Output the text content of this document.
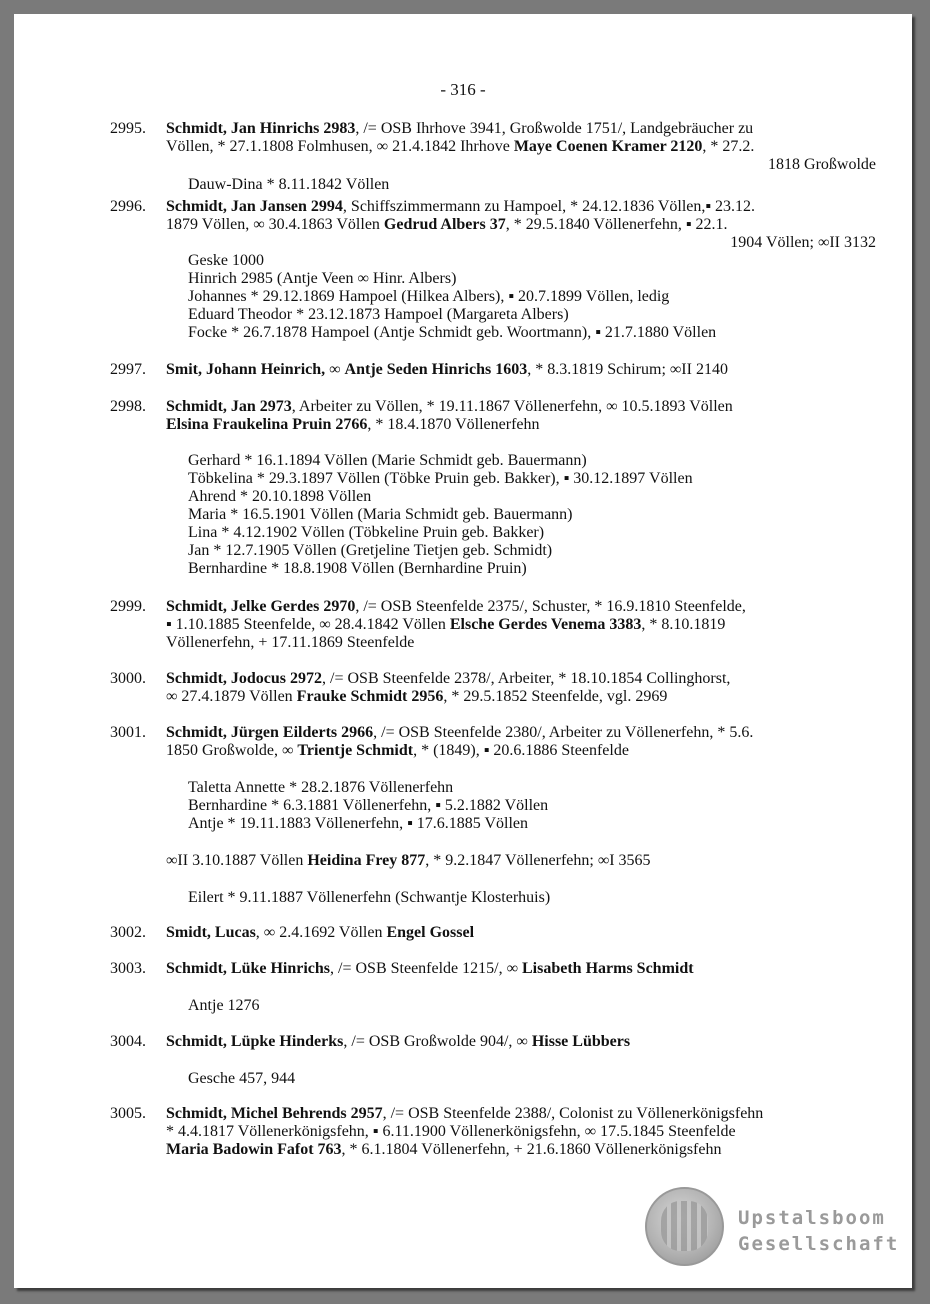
- 316 -
2995.	Schmidt, Jan Hinrichs 2983, /= OSB Ihrhove 3941, Großwolde 1751/, Landgebräucher zu
Völlen, * 27.1.1808 Folmhusen, ∞ 21.4.1842 Ihrhove Maye Coenen Kramer 2120, * 27.2.
1818 Großwolde
Dauw-Dina * 8.11.1842 Völlen
2996.	Schmidt, Jan Jansen 2994, Schiffszimmermann zu Hampoel, * 24.12.1836 Völlen,▪ 23.12.
1879 Völlen, ∞ 30.4.1863 Völlen Gedrud Albers 37, * 29.5.1840 Völlenerfehn, ▪ 22.1.
1904 Völlen; ∞II 3132
Geske 1000
Hinrich 2985 (Antje Veen ∞ Hinr. Albers)
Johannes * 29.12.1869 Hampoel (Hilkea Albers), ▪ 20.7.1899 Völlen, ledig
Eduard Theodor * 23.12.1873 Hampoel (Margareta Albers)
Focke * 26.7.1878 Hampoel (Antje Schmidt geb. Woortmann), ▪ 21.7.1880 Völlen
2997.	Smit, Johann Heinrich, ∞ Antje Seden Hinrichs 1603, * 8.3.1819 Schirum; ∞II 2140
2998.	Schmidt, Jan 2973, Arbeiter zu Völlen, * 19.11.1867 Völlenerfehn, ∞ 10.5.1893 Völlen
Elsina Fraukelina Pruin 2766, * 18.4.1870 Völlenerfehn
Gerhard * 16.1.1894 Völlen (Marie Schmidt geb. Bauermann)
Töbkelina * 29.3.1897 Völlen (Töbke Pruin geb. Bakker), ▪ 30.12.1897 Völlen
Ahrend * 20.10.1898 Völlen
Maria * 16.5.1901 Völlen (Maria Schmidt geb. Bauermann)
Lina * 4.12.1902 Völlen (Töbkeline Pruin geb. Bakker)
Jan * 12.7.1905 Völlen (Gretjeline Tietjen geb. Schmidt)
Bernhardine * 18.8.1908 Völlen (Bernhardine Pruin)
2999.	Schmidt, Jelke Gerdes 2970, /= OSB Steenfelde 2375/, Schuster, * 16.9.1810 Steenfelde,
▪ 1.10.1885 Steenfelde, ∞ 28.4.1842 Völlen Elsche Gerdes Venema 3383, * 8.10.1819
Völlenerfehn, + 17.11.1869 Steenfelde
3000.	Schmidt, Jodocus 2972, /= OSB Steenfelde 2378/, Arbeiter, * 18.10.1854 Collinghorst,
∞ 27.4.1879 Völlen Frauke Schmidt 2956, * 29.5.1852 Steenfelde, vgl. 2969
3001.	Schmidt, Jürgen Eilderts 2966, /= OSB Steenfelde 2380/, Arbeiter zu Völlenerfehn, * 5.6.
1850 Großwolde, ∞ Trientje Schmidt, * (1849), ▪ 20.6.1886 Steenfelde
Taletta Annette * 28.2.1876 Völlenerfehn
Bernhardine * 6.3.1881 Völlenerfehn, ▪ 5.2.1882 Völlen
Antje * 19.11.1883 Völlenerfehn, ▪ 17.6.1885 Völlen
∞II 3.10.1887 Völlen Heidina Frey 877, * 9.2.1847 Völlenerfehn; ∞I 3565
Eilert * 9.11.1887 Völlenerfehn (Schwantje Klosterhuis)
3002.	Smidt, Lucas, ∞ 2.4.1692 Völlen Engel Gossel
3003.	Schmidt, Lüke Hinrichs, /= OSB Steenfelde 1215/, ∞ Lisabeth Harms Schmidt
Antje 1276
3004.	Schmidt, Lüpke Hinderks, /= OSB Großwolde 904/, ∞ Hisse Lübbers
Gesche 457, 944
3005.	Schmidt, Michel Behrends 2957, /= OSB Steenfelde 2388/, Colonist zu Völlenerkönigsfehn
* 4.4.1817 Völlenerkönigsfehn, ▪ 6.11.1900 Völlenerkönigsfehn, ∞ 17.5.1845 Steenfelde
Maria Badowin Fafot 763, * 6.1.1804 Völlenerfehn, + 21.6.1860 Völlenerkönigsfehn
Upstalsboom
Gesellschaft
